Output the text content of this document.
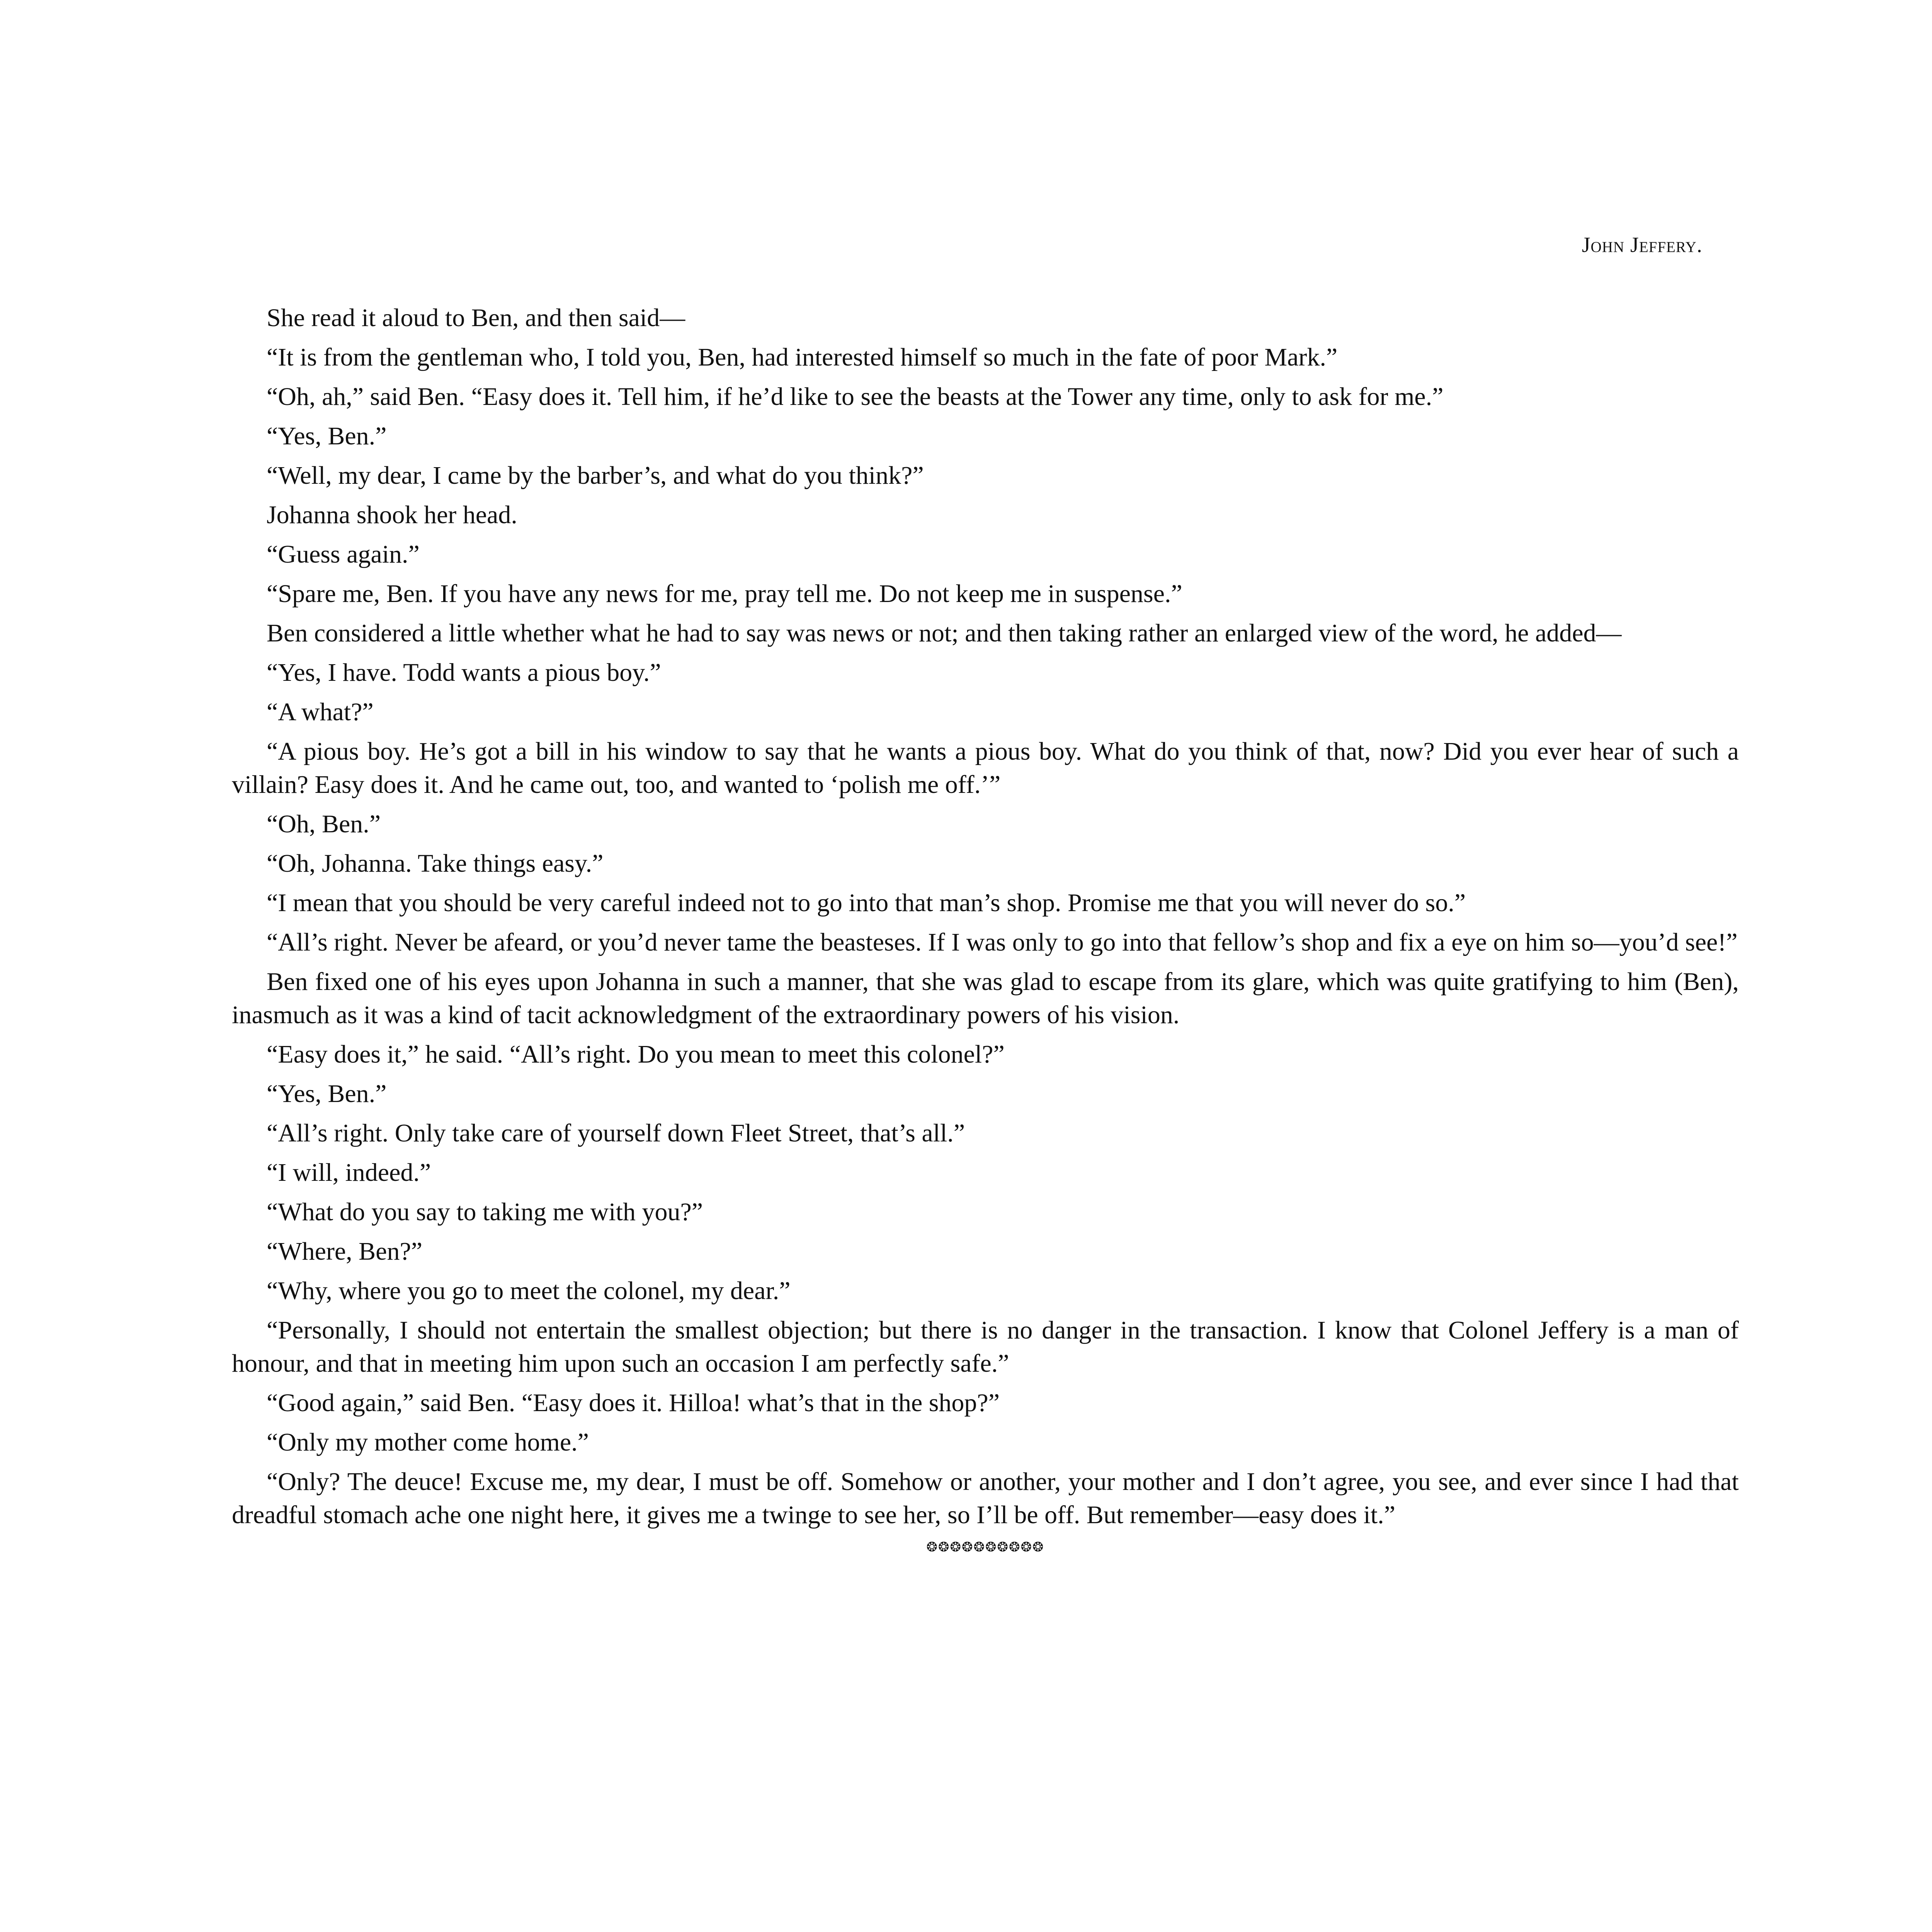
John Jeffery.

She read it aloud to Ben, and then said—

“It is from the gentleman who, I told you, Ben, had interested himself so much in the fate of poor Mark.”

“Oh, ah,” said Ben. “Easy does it. Tell him, if he’d like to see the beasts at the Tower any time, only to ask for me.”

“Yes, Ben.”

“Well, my dear, I came by the barber’s, and what do you think?”

Johanna shook her head.

“Guess again.”

“Spare me, Ben. If you have any news for me, pray tell me. Do not keep me in suspense.”

Ben considered a little whether what he had to say was news or not; and then taking rather an enlarged view of the word, he added—

“Yes, I have. Todd wants a pious boy.”

“A what?”

“A pious boy. He’s got a bill in his window to say that he wants a pious boy. What do you think of that, now? Did you ever hear of such a villain? Easy does it. And he came out, too, and wanted to ‘polish me off.’”

“Oh, Ben.”

“Oh, Johanna. Take things easy.”

“I mean that you should be very careful indeed not to go into that man’s shop. Promise me that you will never do so.”

“All’s right. Never be afeard, or you’d never tame the beasteses. If I was only to go into that fellow’s shop and fix a eye on him so—you’d see!”

Ben fixed one of his eyes upon Johanna in such a manner, that she was glad to escape from its glare, which was quite gratifying to him (Ben), inasmuch as it was a kind of tacit acknowledgment of the extraordinary powers of his vision.

“Easy does it,” he said. “All’s right. Do you mean to meet this colonel?”

“Yes, Ben.”

“All’s right. Only take care of yourself down Fleet Street, that’s all.”

“I will, indeed.”

“What do you say to taking me with you?”

“Where, Ben?”

“Why, where you go to meet the colonel, my dear.”

“Personally, I should not entertain the smallest objection; but there is no danger in the transaction. I know that Colonel Jeffery is a man of honour, and that in meeting him upon such an occasion I am perfectly safe.”

“Good again,” said Ben. “Easy does it. Hilloa! what’s that in the shop?”

“Only my mother come home.”

“Only? The deuce! Excuse me, my dear, I must be off. Somehow or another, your mother and I don’t agree, you see, and ever since I had that dreadful stomach ache one night here, it gives me a twinge to see her, so I’ll be off. But remember—easy does it.”

❂❂❂❂❂❂❂❂❂❂
